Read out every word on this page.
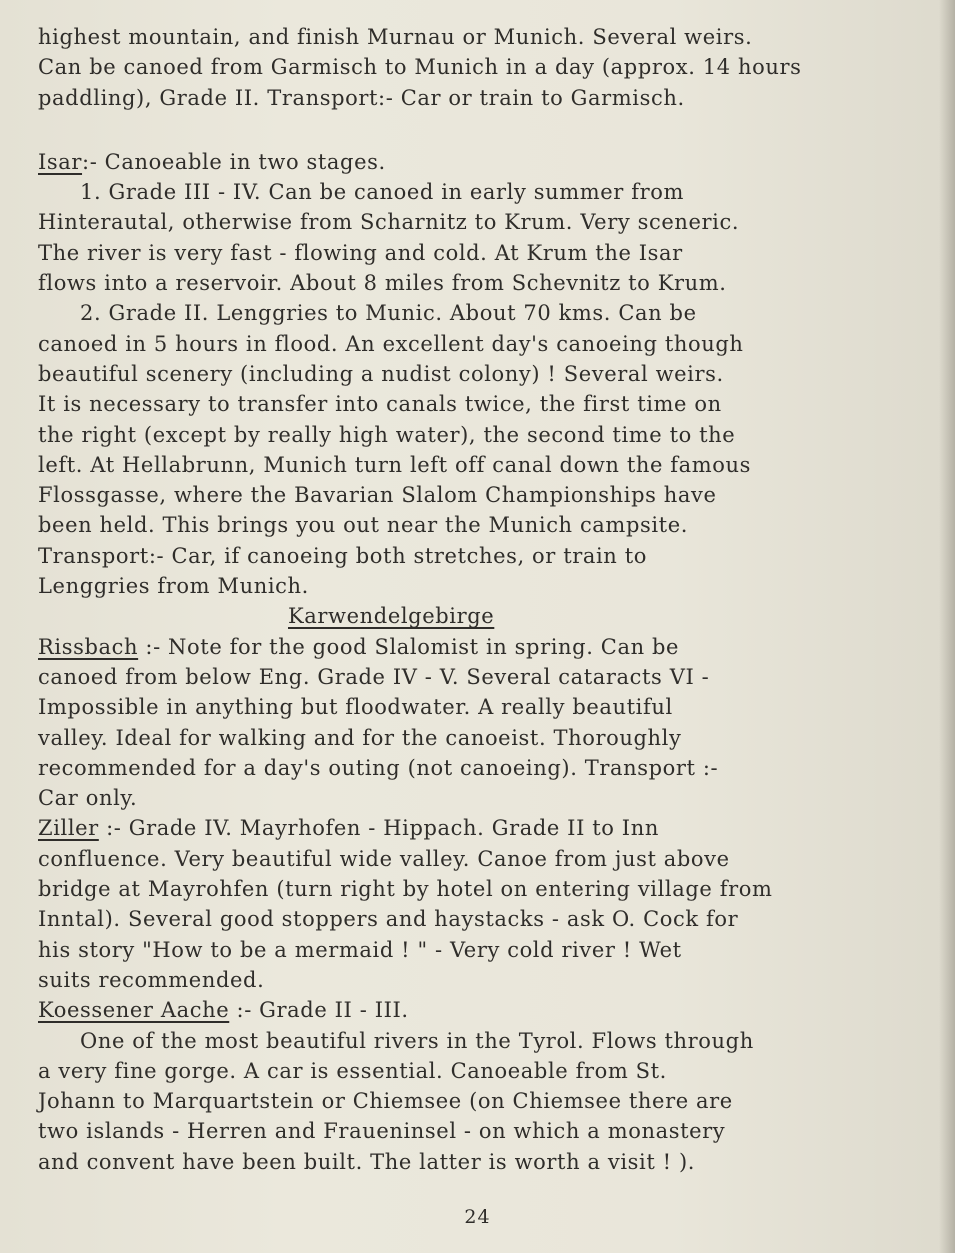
highest mountain, and finish Murnau or Munich. Several weirs.
Can be canoed from Garmisch to Munich in a day (approx. 14 hours
paddling), Grade II. Transport:- Car or train to Garmisch.
Isar:- Canoeable in two stages.
1. Grade III - IV. Can be canoed in early summer from
Hinterautal, otherwise from Scharnitz to Krum. Very sceneric.
The river is very fast - flowing and cold. At Krum the Isar
flows into a reservoir. About 8 miles from Schevnitz to Krum.
2. Grade II. Lenggries to Munic. About 70 kms. Can be
canoed in 5 hours in flood. An excellent day's canoeing though
beautiful scenery (including a nudist colony) ! Several weirs.
It is necessary to transfer into canals twice, the first time on
the right (except by really high water), the second time to the
left. At Hellabrunn, Munich turn left off canal down the famous
Flossgasse, where the Bavarian Slalom Championships have
been held. This brings you out near the Munich campsite.
Transport:- Car, if canoeing both stretches, or train to
Lenggries from Munich.
Karwendelgebirge
Rissbach :- Note for the good Slalomist in spring. Can be
canoed from below Eng. Grade IV - V. Several cataracts VI -
Impossible in anything but floodwater. A really beautiful
valley. Ideal for walking and for the canoeist. Thoroughly
recommended for a day's outing (not canoeing). Transport :-
Car only.
Ziller :- Grade IV. Mayrhofen - Hippach. Grade II to Inn
confluence. Very beautiful wide valley. Canoe from just above
bridge at Mayrohfen (turn right by hotel on entering village from
Inntal). Several good stoppers and haystacks - ask O. Cock for
his story "How to be a mermaid ! " - Very cold river ! Wet
suits recommended.
Koessener Aache :- Grade II - III.
One of the most beautiful rivers in the Tyrol. Flows through
a very fine gorge. A car is essential. Canoeable from St.
Johann to Marquartstein or Chiemsee (on Chiemsee there are
two islands - Herren and Fraueninsel - on which a monastery
and convent have been built. The latter is worth a visit ! ).
24
